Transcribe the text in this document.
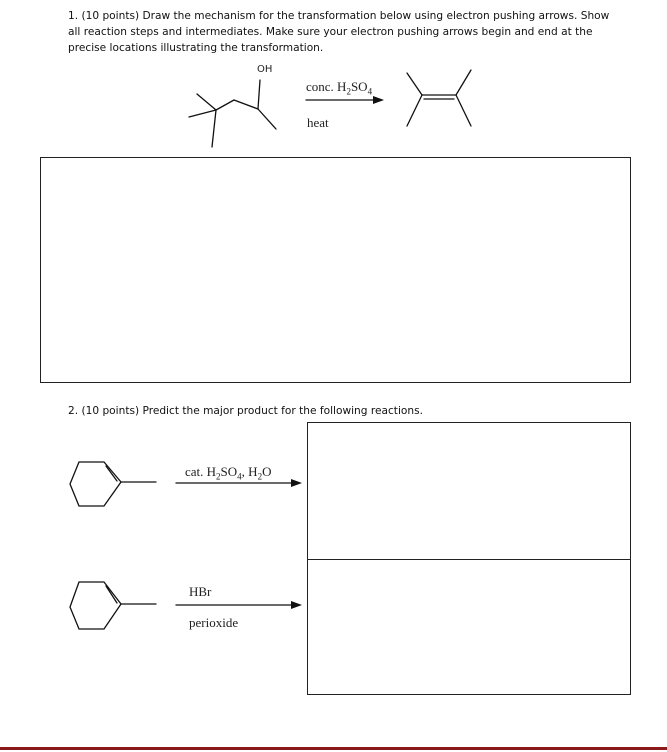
1. (10 points) Draw the mechanism for the transformation below using electron pushing arrows. Show
all reaction steps and intermediates. Make sure your electron pushing arrows begin and end at the
precise locations illustrating the transformation.
OH
conc. $H_2SO_4$
heat
2. (10 points) Predict the major product for the following reactions.
cat. $H_2SO_4$, $H_2O$
HBr
perioxide
